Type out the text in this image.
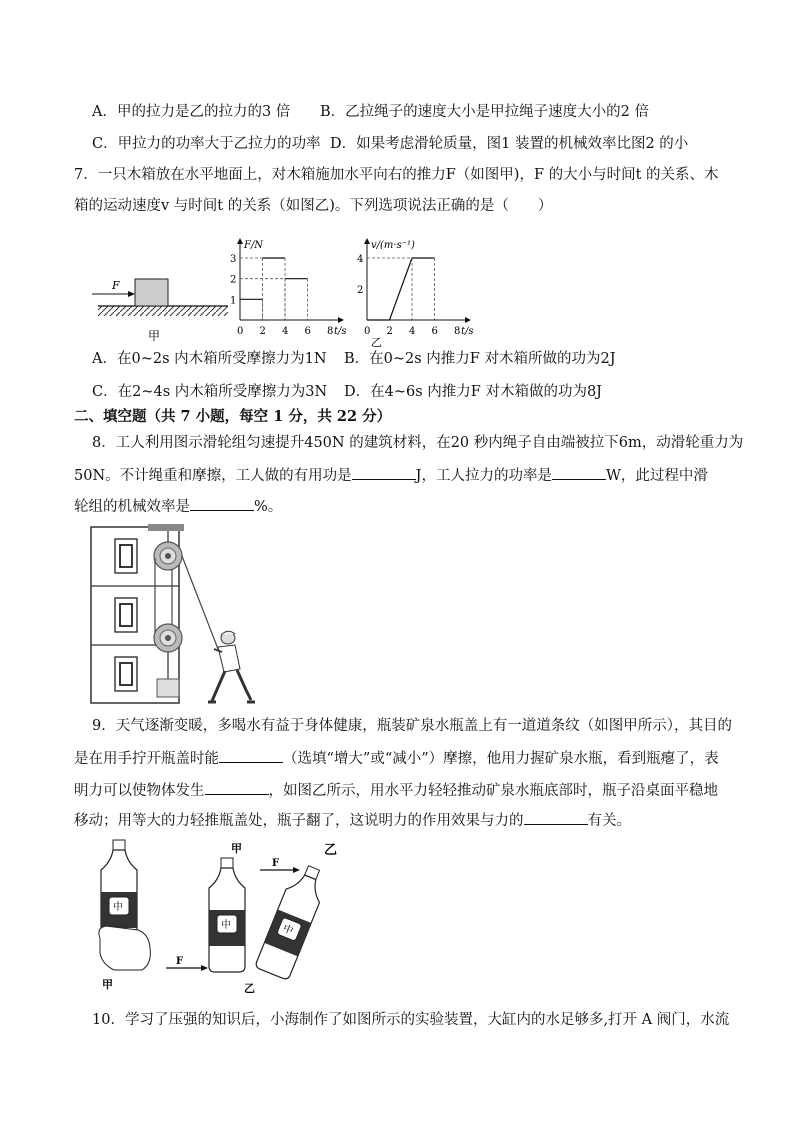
A．甲的拉力是乙的拉力的3 倍 B．乙拉绳子的速度大小是甲拉绳子速度大小的2 倍
C．甲拉力的功率大于乙拉力的功率 D．如果考虑滑轮质量，图1 装置的机械效率比图2 的小
7．一只木箱放在水平地面上，对木箱施加水平向右的推力F（如图甲)，F 的大小与时间t 的关系、木
箱的运动速度v 与时间t 的关系（如图乙)。下列选项说法正确的是（　　）
F
甲
F/N
t/s
0 2 4 6 8
1
2
3
v/(m·s⁻¹)
t/s
0 2 4 6 8
2
4
乙
A．在0~2s 内木箱所受摩擦力为1N B．在0~2s 内推力F 对木箱所做的功为2J
C．在2~4s 内木箱所受摩擦力为3N D．在4~6s 内推力F 对木箱做的功为8J
二、填空题（共 7 小题，每空 1 分，共 22 分）
8．工人利用图示滑轮组匀速提升450N 的建筑材料，在20 秒内绳子自由端被拉下6m，动滑轮重力为
50N。不计绳重和摩擦，工人做的有用功是	J，工人拉力的功率是	W，此过程中滑
轮组的机械效率是	%。
9．天气逐渐变暖，多喝水有益于身体健康，瓶装矿泉水瓶盖上有一道道条纹（如图甲所示），其目的
是在用手拧开瓶盖时能	（选填“增大”或“减小”）摩擦，他用力握矿泉水瓶，看到瓶瘪了，表
明力可以使物体发生	，如图乙所示，用水平力轻轻推动矿泉水瓶底部时，瓶子沿桌面平稳地
移动；用等大的力轻推瓶盖处，瓶子翻了，这说明力的作用效果与力的	有关。
中
甲
F
中
甲
F
中
乙
乙
10．学习了压强的知识后，小海制作了如图所示的实验装置，大缸内的水足够多,打开 A 阀门，水流
